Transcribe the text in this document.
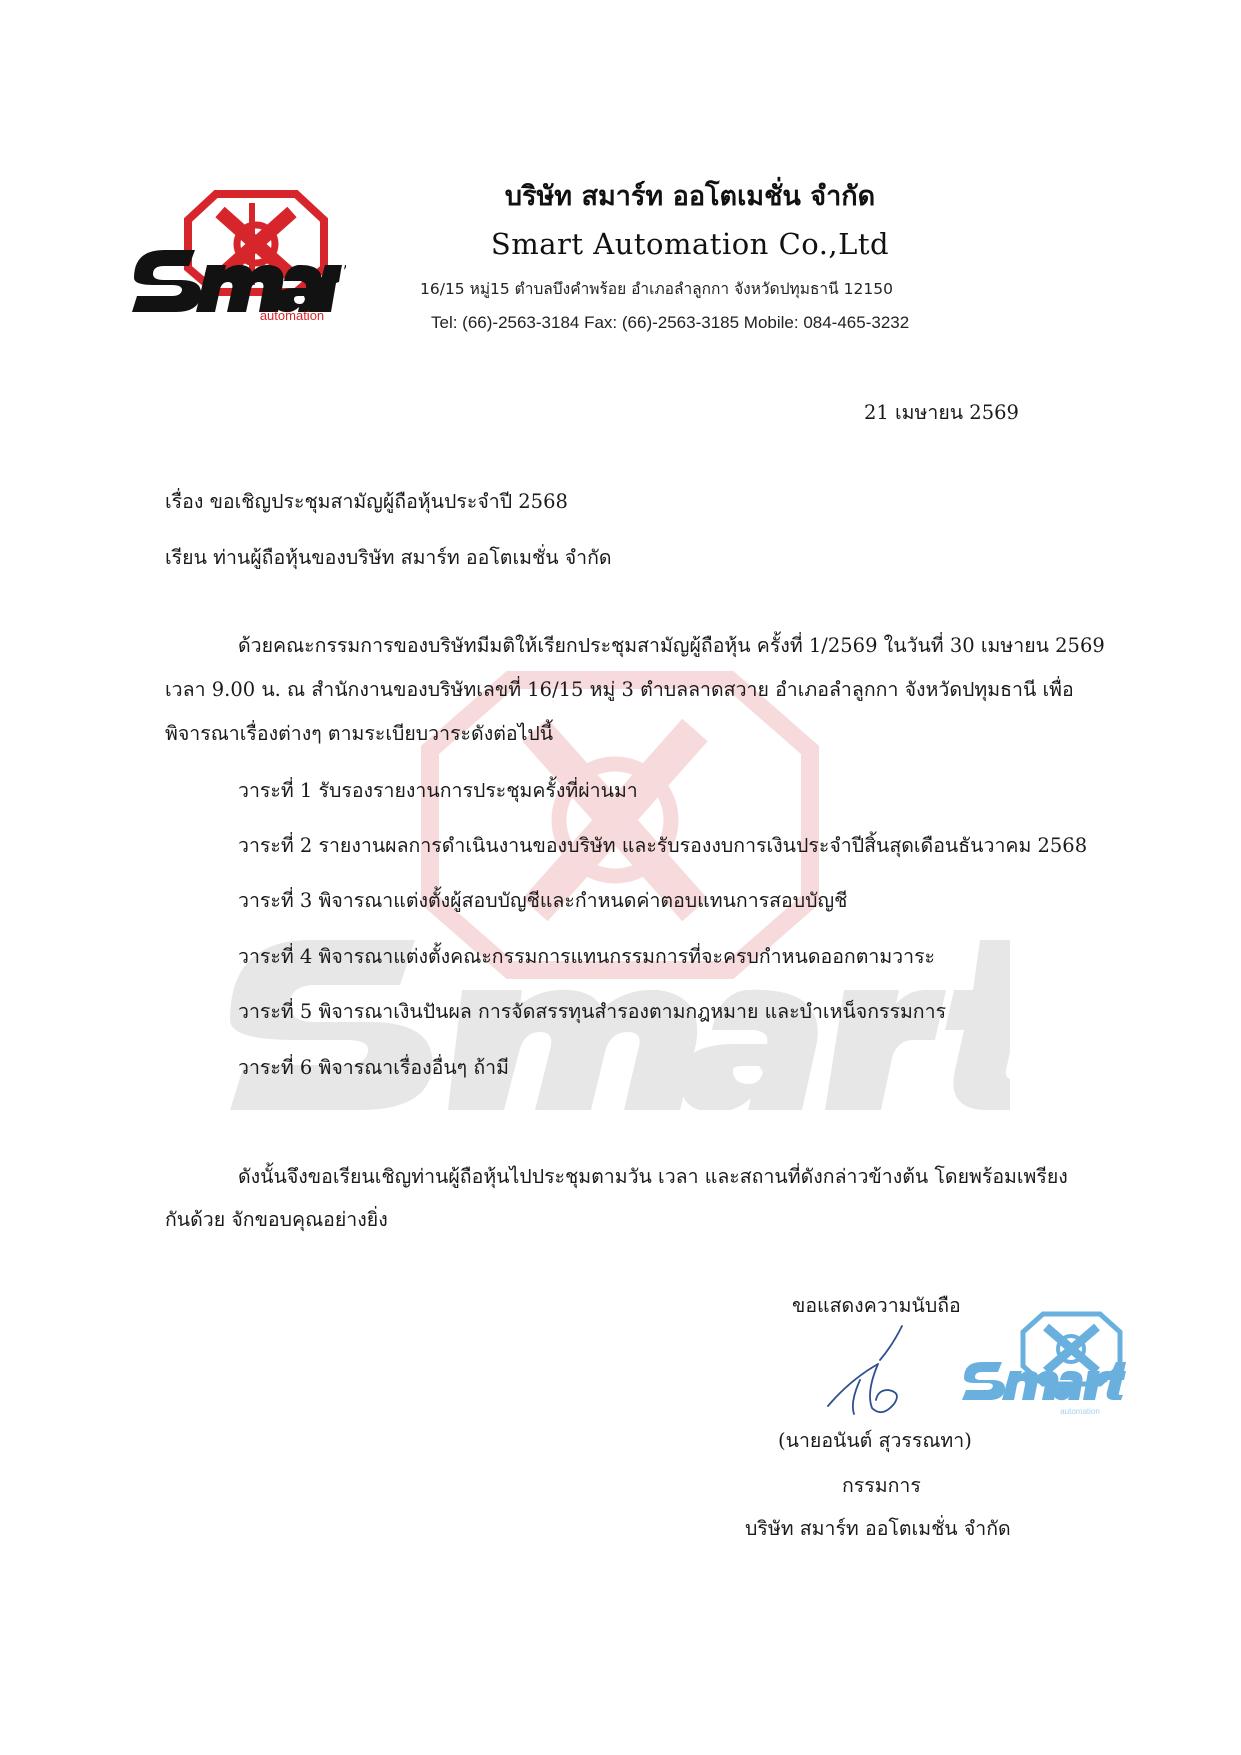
automation
บริษัท สมาร์ท ออโตเมชั่น จำกัด
Smart Automation Co.,Ltd
16/15 หมู่15 ตำบลบึงคำพร้อย อำเภอลำลูกกา จังหวัดปทุมธานี 12150
Tel: (66)-2563-3184 Fax: (66)-2563-3185 Mobile: 084-465-3232
21 เมษายน 2569
เรื่อง ขอเชิญประชุมสามัญผู้ถือหุ้นประจำปี 2568
เรียน ท่านผู้ถือหุ้นของบริษัท สมาร์ท ออโตเมชั่น จำกัด
ด้วยคณะกรรมการของบริษัทมีมติให้เรียกประชุมสามัญผู้ถือหุ้น ครั้งที่ 1/2569 ในวันที่ 30 เมษายน 2569
เวลา 9.00 น. ณ สำนักงานของบริษัทเลขที่ 16/15 หมู่ 3 ตำบลลาดสวาย อำเภอลำลูกกา จังหวัดปทุมธานี เพื่อ
พิจารณาเรื่องต่างๆ ตามระเบียบวาระดังต่อไปนี้
วาระที่ 1 รับรองรายงานการประชุมครั้งที่ผ่านมา
วาระที่ 2 รายงานผลการดำเนินงานของบริษัท และรับรองงบการเงินประจำปีสิ้นสุดเดือนธันวาคม 2568
วาระที่ 3 พิจารณาแต่งตั้งผู้สอบบัญชีและกำหนดค่าตอบแทนการสอบบัญชี
วาระที่ 4 พิจารณาแต่งตั้งคณะกรรมการแทนกรรมการที่จะครบกำหนดออกตามวาระ
วาระที่ 5 พิจารณาเงินปันผล การจัดสรรทุนสำรองตามกฎหมาย และบำเหน็จกรรมการ
วาระที่ 6 พิจารณาเรื่องอื่นๆ ถ้ามี
ดังนั้นจึงขอเรียนเชิญท่านผู้ถือหุ้นไปประชุมตามวัน เวลา และสถานที่ดังกล่าวข้างต้น โดยพร้อมเพรียง
กันด้วย จักขอบคุณอย่างยิ่ง
ขอแสดงความนับถือ
automation
(นายอนันต์ สุวรรณทา)
กรรมการ
บริษัท สมาร์ท ออโตเมชั่น จำกัด
